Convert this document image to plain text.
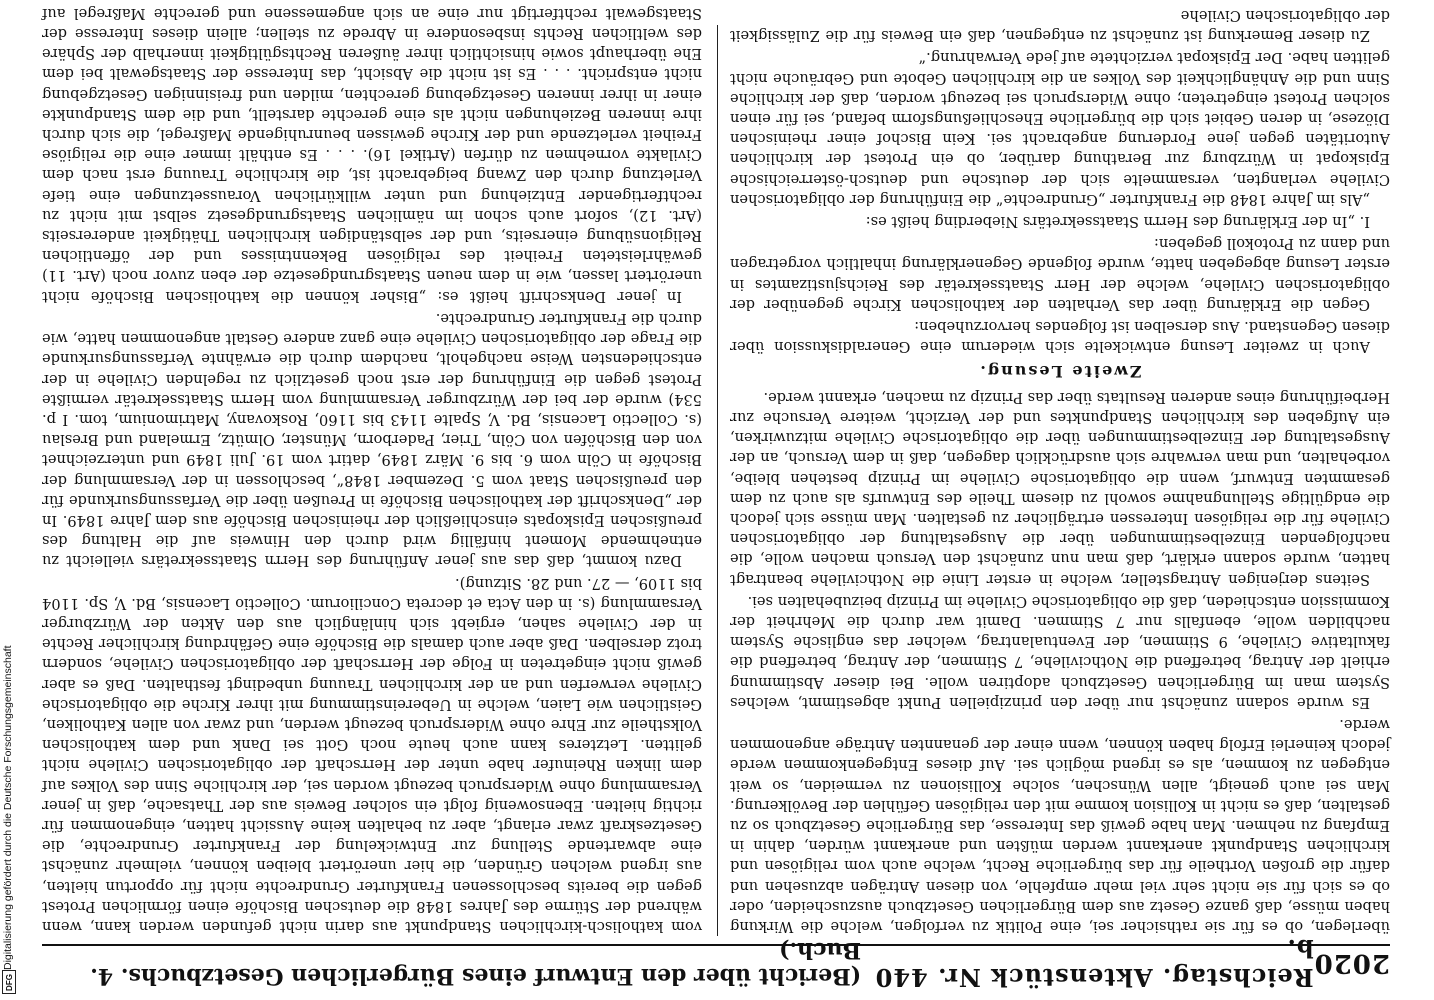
Digitalisierung gefördert durch die Deutsche Forschungsgemeinschaft
DFG
2020
Reichstag. Aktenstück Nr. 440 b.
(Bericht über den Entwurf eines Bürgerlichen Gesetzbuchs. 4. Buch.)

überlegen, ob es für sie rathsicher sei, eine Politik zu verfolgen, welche die Wirkung haben müsse, daß ganze Gesetz aus dem Bürgerlichen Gesetzbuch auszuscheiden, oder ob es sich für sie nicht sehr viel mehr empfehle, von diesen Anträgen abzusehen und dafür die großen Vortheile für das bürgerliche Recht, welche auch vom religiösen und kirchlichen Standpunkt anerkannt werden müßten und anerkannt würden, dahin in Empfang zu nehmen. Man habe gewiß das Interesse, das Bürgerliche Gesetzbuch so zu gestalten, daß es nicht in Kollision komme mit den religiösen Gefühlen der Bevölkerung. Man sei auch geneigt, allen Wünschen, solche Kollisionen zu vermeiden, so weit entgegen zu kommen, als es irgend möglich sei. Auf dieses Entgegenkommen werde jedoch keinerlei Erfolg haben können, wenn einer der genannten Anträge angenommen werde.

Es wurde sodann zunächst nur über den prinzipiellen Punkt abgestimmt, welches System man im Bürgerlichen Gesetzbuch adoptiren wolle. Bei dieser Abstimmung erhielt der Antrag, betreffend die Nothcivilehe, 7 Stimmen, der Antrag, betreffend die fakultative Civilehe, 9 Stimmen, der Eventualantrag, welcher das englische System nachbilden wolle, ebenfalls nur 7 Stimmen. Damit war durch die Mehrheit der Kommission entschieden, daß die obligatorische Civilehe im Prinzip beizubehalten sei.

Seitens derjenigen Antragsteller, welche in erster Linie die Nothcivilehe beantragt hatten, wurde sodann erklärt, daß man nun zunächst den Versuch machen wolle, die nachfolgenden Einzelbestimmungen über die Ausgestaltung der obligatorischen Civilehe für die religiösen Interessen erträglicher zu gestalten. Man müsse sich jedoch die endgültige Stellungnahme sowohl zu diesem Theile des Entwurfs als auch zu dem gesammten Entwurf, wenn die obligatorische Civilehe im Prinzip bestehen bleibe, vorbehalten, und man verwahre sich ausdrücklich dagegen, daß in dem Versuch, an der Ausgestaltung der Einzelbestimmungen über die obligatorische Civilehe mitzuwirken, ein Aufgeben des kirchlichen Standpunktes und der Verzicht, weitere Versuche zur Herbeiführung eines anderen Resultats über das Prinzip zu machen, erkannt werde.

Zweite Lesung.

Auch in zweiter Lesung entwickelte sich wiederum eine Generaldiskussion über diesen Gegenstand. Aus derselben ist folgendes hervorzuheben:

Gegen die Erklärung über das Verhalten der katholischen Kirche gegenüber der obligatorischen Civilehe, welche der Herr Staatssekretär des Reichsjustizamtes in erster Lesung abgegeben hatte, wurde folgende Gegenerklärung inhaltlich vorgetragen und dann zu Protokoll gegeben:

I. „In der Erklärung des Herrn Staatssekretärs Nieberding heißt es:

„Als im Jahre 1848 die Frankfurter „Grundrechte“ die Einführung der obligatorischen Civilehe verlangten, versammelte sich der deutsche und deutsch-österreichische Episkopat in Würzburg zur Berathung darüber, ob ein Protest der kirchlichen Autoritäten gegen jene Forderung angebracht sei. Kein Bischof einer rheinischen Diözese, in deren Gebiet sich die bürgerliche Eheschließungsform befand, sei für einen solchen Protest eingetreten; ohne Widerspruch sei bezeugt worden, daß der kirchliche Sinn und die Anhänglichkeit des Volkes an die kirchlichen Gebote und Gebräuche nicht gelitten habe. Der Episkopat verzichtete auf jede Verwahrung.“

Zu dieser Bemerkung ist zunächst zu entgegnen, daß ein Beweis für die Zulässigkeit der obligatorischen Civilehe

vom katholisch-kirchlichen Standpunkt aus darin nicht gefunden werden kann, wenn während der Stürme des Jahres 1848 die deutschen Bischöfe einen förmlichen Protest gegen die bereits beschlossenen Frankfurter Grundrechte nicht für opportun hielten, aus irgend welchen Gründen, die hier unerörtert bleiben können, vielmehr zunächst eine abwartende Stellung zur Entwickelung der Frankfurter Grundrechte, die Gesetzeskraft zwar erlangt, aber zu behalten keine Aussicht hatten, eingenommen für richtig hielten. Ebensowenig folgt ein solcher Beweis aus der Thatsache, daß in jener Versammlung ohne Widerspruch bezeugt worden sei, der kirchliche Sinn des Volkes auf dem linken Rheinufer habe unter der Herrschaft der obligatorischen Civilehe nicht gelitten. Letzteres kann auch heute noch Gott sei Dank und dem katholischen Volkstheile zur Ehre ohne Widerspruch bezeugt werden, und zwar von allen Katholiken, Geistlichen wie Laien, welche in Uebereinstimmung mit ihrer Kirche die obligatorische Civilehe verwerfen und an der kirchlichen Trauung unbedingt festhalten. Daß es aber gewiß nicht eingetreten in Folge der Herrschaft der obligatorischen Civilehe, sondern trotz derselben. Daß aber auch damals die Bischöfe eine Gefährdung kirchlicher Rechte in der Civilehe sahen, ergiebt sich hinlänglich aus den Akten der Würzburger Versammlung (s. in den Acta et decreta Conciliorum. Collectio Lacensis, Bd. V, Sp. 1104 bis 1109, — 27. und 28. Sitzung).

Dazu kommt, daß das aus jener Anführung des Herrn Staatssekretärs vielleicht zu entnehmende Moment hinfällig wird durch den Hinweis auf die Haltung des preußischen Episkopats einschließlich der rheinischen Bischöfe aus dem Jahre 1849. In der „Denkschrift der katholischen Bischöfe in Preußen über die Verfassungsurkunde für den preußischen Staat vom 5. Dezember 1848“, beschlossen in der Versammlung der Bischöfe in Cöln vom 6. bis 9. März 1849, datirt vom 19. Juli 1849 und unterzeichnet von den Bischöfen von Cöln, Trier, Paderborn, Münster, Olmütz, Ermeland und Breslau (s. Collectio Lacensis, Bd. V, Spalte 1143 bis 1160, Roskovany, Matrimonium, tom. I p. 534) wurde der bei der Würzburger Versammlung vom Herrn Staatssekretär vermißte Protest gegen die Einführung der erst noch gesetzlich zu regelnden Civilehe in der entschiedensten Weise nachgeholt, nachdem durch die erwähnte Verfassungsurkunde die Frage der obligatorischen Civilehe eine ganz andere Gestalt angenommen hatte, wie durch die Frankfurter Grundrechte.

In jener Denkschrift heißt es: „Bisher können die katholischen Bischöfe nicht unerörtert lassen, wie in dem neuen Staatsgrundgesetze der eben zuvor noch (Art. 11) gewährleisteten Freiheit des religiösen Bekenntnisses und der öffentlichen Religionsübung einerseits, und der selbständigen kirchlichen Thätigkeit andererseits (Art. 12), sofort auch schon im nämlichen Staatsgrundgesetz selbst mit nicht zu rechtfertigender Entziehung und unter willkürlichen Voraussetzungen eine tiefe Verletzung durch den Zwang beigebracht ist, die kirchliche Trauung erst nach dem Civilakte vornehmen zu dürfen (Artikel 16). . . . Es enthält immer eine die religiöse Freiheit verletzende und der Kirche gewissen beunruhigende Maßregel, die sich durch ihre inneren Beziehungen nicht als eine gerechte darstellt, und die dem Standpunkte einer in ihrer inneren Gesetzgebung gerechten, milden und freisinnigen Gesetzgebung nicht entspricht. . . . Es ist nicht die Absicht, das Interesse der Staatsgewalt bei dem Ehe überhaupt sowie hinsichtlich ihrer äußeren Rechtsgültigkeit innerhalb der Sphäre des weltlichen Rechts insbesondere in Abrede zu stellen; allein dieses Interesse der Staatsgewalt rechtfertigt nur eine an sich angemessene und gerechte Maßregel auf
